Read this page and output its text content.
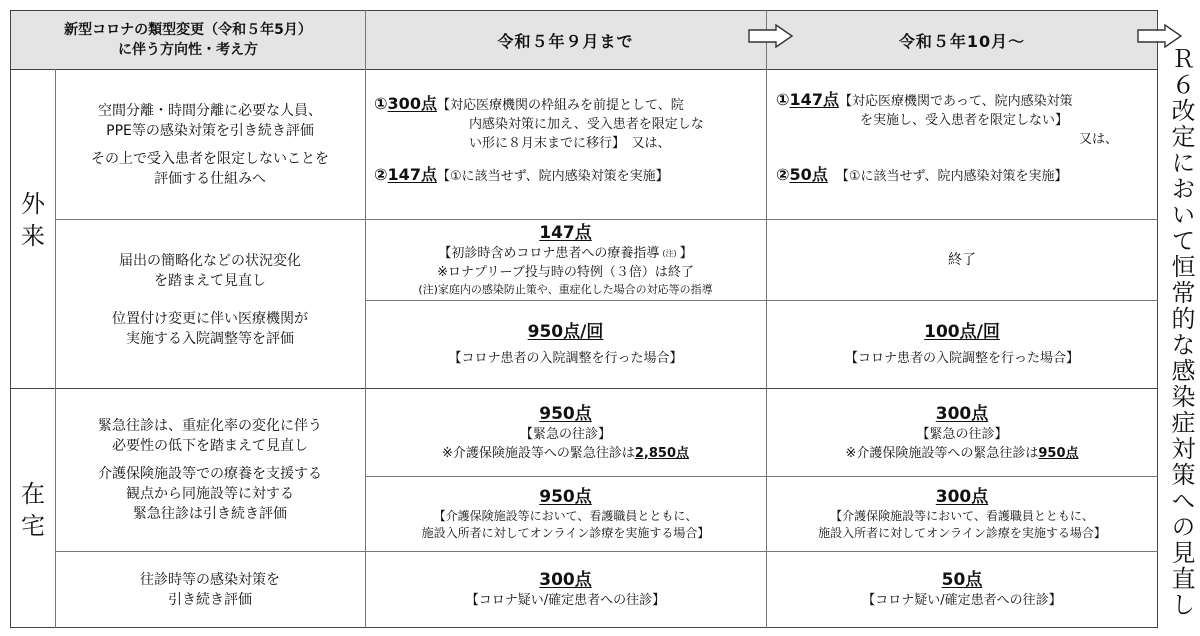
新型コロナの類型変更（令和５年5月）
に伴う方向性・考え方	令和５年９月まで	令和５年10月～
Ｒ６改定において恒常的な感染症対策への見直し
外
来
在
宅
空間分離・時間分離に必要な人員、
PPE等の感染対策を引き続き評価
その上で受入患者を限定しないことを
評価する仕組みへ
①300点【対応医療機関の枠組みを前提として、院
内感染対策に加え、受入患者を限定しな
い形に８月末までに移行】　又は、
②147点【①に該当せず、院内感染対策を実施】
①147点【対応医療機関であって、院内感染対策
を実施し、受入患者を限定しない】
又は、
②50点 【①に該当せず、院内感染対策を実施】
届出の簡略化などの状況変化
を踏まえて見直し
位置付け変更に伴い医療機関が
実施する入院調整等を評価
147点
【初診時含めコロナ患者への療養指導 (注) 】
※ロナプリーブ投与時の特例（３倍）は終了
(注)家庭内の感染防止策や、重症化した場合の対応等の指導
終了
950点/回
【コロナ患者の入院調整を行った場合】
100点/回
【コロナ患者の入院調整を行った場合】
緊急往診は、重症化率の変化に伴う
必要性の低下を踏まえて見直し
介護保険施設等での療養を支援する
観点から同施設等に対する
緊急往診は引き続き評価
950点
【緊急の往診】
※介護保険施設等への緊急往診は2,850点
300点
【緊急の往診】
※介護保険施設等への緊急往診は950点
950点
【介護保険施設等において、看護職員とともに、
施設入所者に対してオンライン診療を実施する場合】
300点
【介護保険施設等において、看護職員とともに、
施設入所者に対してオンライン診療を実施する場合】
往診時等の感染対策を
引き続き評価
300点
【コロナ疑い/確定患者への往診】
50点
【コロナ疑い/確定患者への往診】
